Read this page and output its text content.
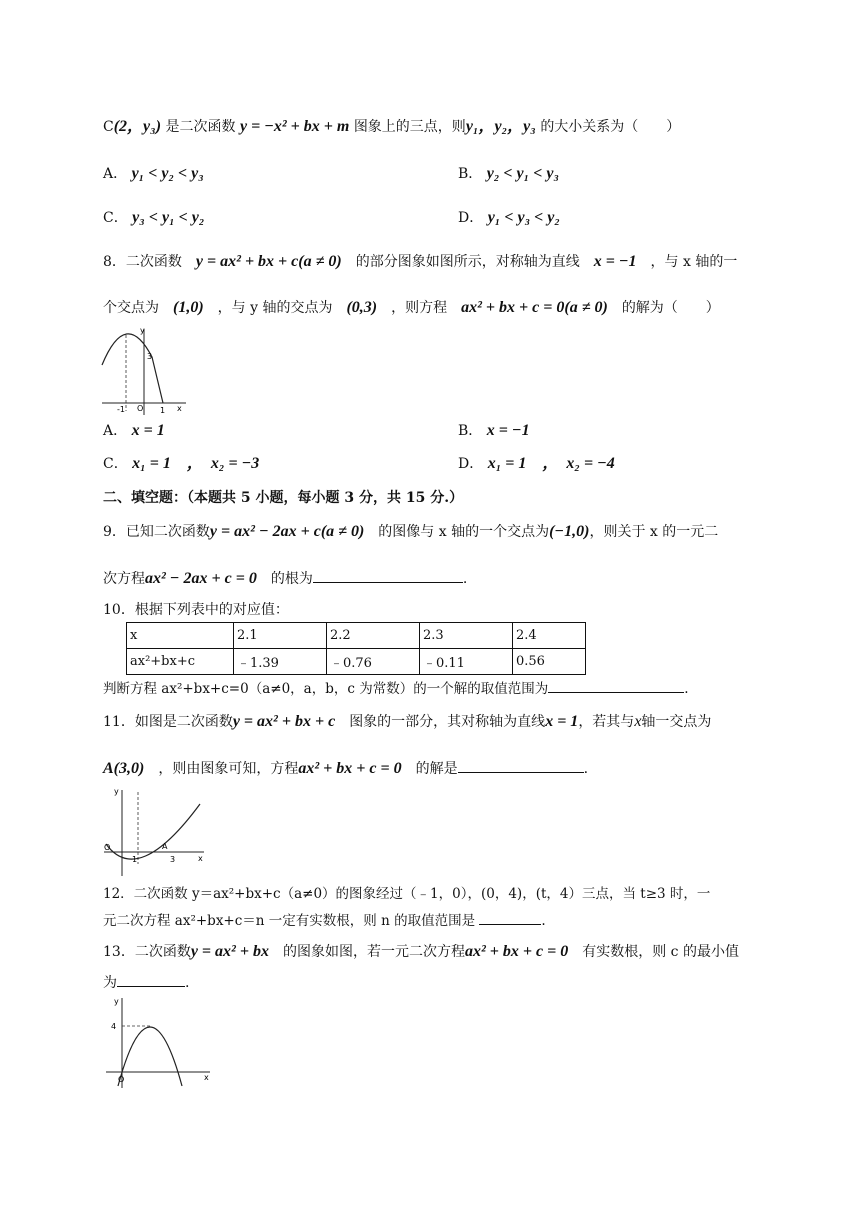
C(2，y₃) 是二次函数 y = −x² + bx + m 图象上的三点，则y₁，y₂，y₃ 的大小关系为（　　）
A． y₁ < y₂ < y₃	B． y₂ < y₁ < y₃
C． y₃ < y₁ < y₂	D． y₁ < y₃ < y₂
8．二次函数　 y = ax² + bx + c(a ≠ 0)　 的部分图象如图所示，对称轴为直线　 x = −1　 ，与 x 轴的一
个交点为　 (1,0)　 ，与 y 轴的交点为　 (0,3)　 ，则方程　 ax² + bx + c = 0(a ≠ 0)　 的解为（　　）
y
x
3
-1 O 1
A． x = 1	B． x = −1
C． x₁ = 1　，　x₂ = −3	D． x₁ = 1　，　x₂ = −4
二、填空题：（本题共 5 小题，每小题 3 分，共 15 分.）
9．已知二次函数y = ax² − 2ax + c(a ≠ 0)　 的图像与 x 轴的一个交点为(−1,0)，则关于 x 的一元二
次方程ax² − 2ax + c = 0　 的根为	.
10．根据下列表中的对应值：
x	2.1	2.2	2.3	2.4
ax²+bx+c	﹣1.39	﹣0.76	﹣0.11	0.56
判断方程 ax²+bx+c=0（a≠0，a，b，c 为常数）的一个解的取值范围为	.
11．如图是二次函数y = ax² + bx + c　 图象的一部分，其对称轴为直线x = 1，若其与x轴一交点为
A(3,0)　 ，则由图象可知，方程ax² + bx + c = 0　 的解是	.
y
x
O
1
A
3
12．二次函数 y＝ax²+bx+c（a≠0）的图象经过（﹣1，0），(0，4)，(t，4）三点，当 t≥3 时，一
元二次方程 ax²+bx+c＝n 一定有实数根，则 n 的取值范围是	.
13．二次函数y = ax² + bx　 的图象如图，若一元二次方程ax² + bx + c = 0　 有实数根，则 c 的最小值
为	.
y
x
4
O
